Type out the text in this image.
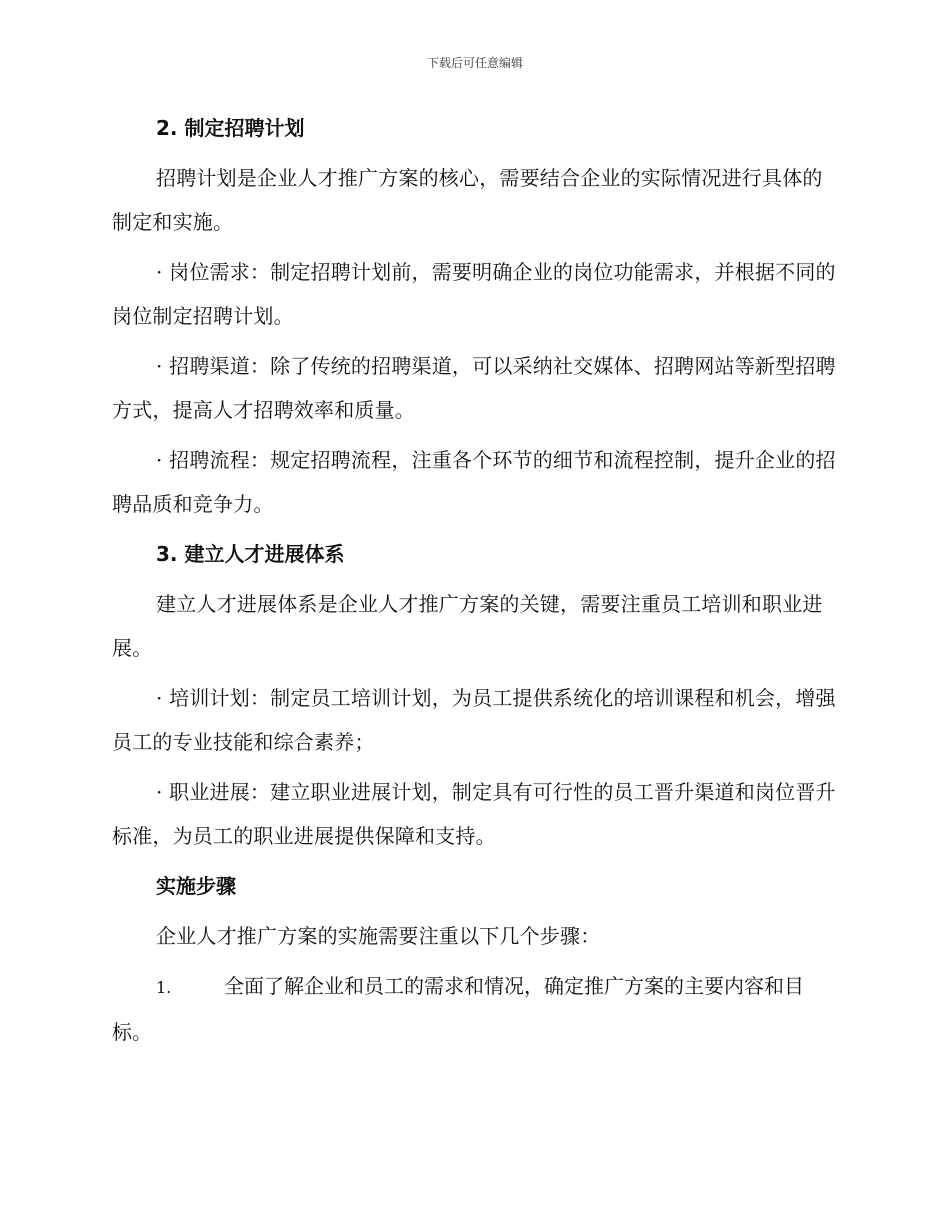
下载后可任意编辑

2. 制定招聘计划

招聘计划是企业人才推广方案的核心，需要结合企业的实际情况进行具体的制定和实施。

· 岗位需求：制定招聘计划前，需要明确企业的岗位功能需求，并根据不同的岗位制定招聘计划。

· 招聘渠道：除了传统的招聘渠道，可以采纳社交媒体、招聘网站等新型招聘方式，提高人才招聘效率和质量。

· 招聘流程：规定招聘流程，注重各个环节的细节和流程控制，提升企业的招聘品质和竞争力。

3. 建立人才进展体系

建立人才进展体系是企业人才推广方案的关键，需要注重员工培训和职业进展。

· 培训计划：制定员工培训计划，为员工提供系统化的培训课程和机会，增强员工的专业技能和综合素养；

· 职业进展：建立职业进展计划，制定具有可行性的员工晋升渠道和岗位晋升标准，为员工的职业进展提供保障和支持。

实施步骤

企业人才推广方案的实施需要注重以下几个步骤：

1.	全面了解企业和员工的需求和情况，确定推广方案的主要内容和目标。
